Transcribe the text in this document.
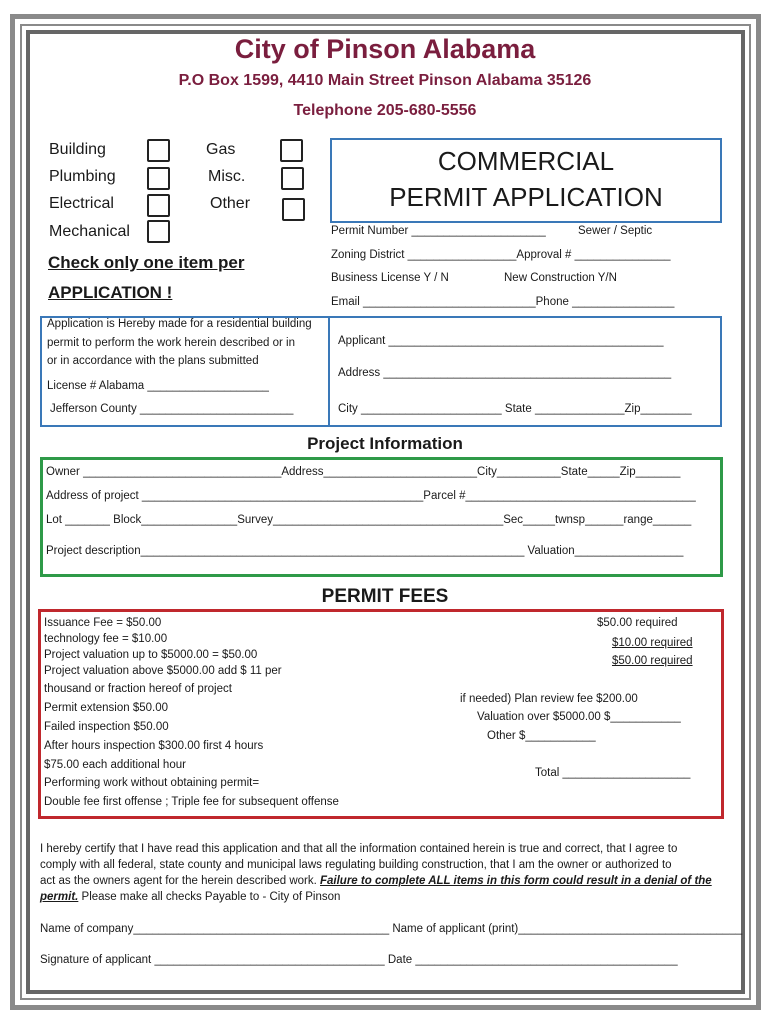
City of Pinson Alabama
P.O Box 1599, 4410 Main Street Pinson Alabama 35126
Telephone 205-680-5556
Building
Plumbing
Electrical
Mechanical
Gas
Misc.
Other
Check only one item per
APPLICATION !
COMMERCIAL
PERMIT APPLICATION
Permit Number _____________________	Sewer / Septic
Zoning District _________________Approval # _______________
Business License Y / N	New Construction Y/N
Email ___________________________Phone ________________
Application is Hereby made for a residential building
permit to perform the work herein described or in
or in accordance with the plans submitted
License # Alabama ___________________
Jefferson County ________________________
Applicant ___________________________________________
Address _____________________________________________
City ______________________ State ______________Zip________
Project Information
Owner _______________________________Address________________________City__________State_____Zip_______
Address of project ____________________________________________Parcel #____________________________________
Lot _______ Block_______________Survey____________________________________Sec_____twnsp______range______
Project description____________________________________________________________ Valuation_________________
PERMIT FEES
Issuance Fee = $50.00
technology fee = $10.00
Project valuation up to $5000.00 = $50.00
Project valuation above $5000.00 add $ 11 per
thousand or fraction hereof of project
Permit extension $50.00
Failed inspection $50.00
After hours inspection $300.00 first 4 hours
$75.00 each additional hour
Performing work without obtaining permit=
Double fee first offense ; Triple fee for subsequent offense
$50.00 required
$10.00 required
$50.00 required
if needed) Plan review fee $200.00
Valuation over $5000.00 $___________
Other $___________
Total ____________________
I hereby certify that I have read this application and that all the information contained herein is true and correct, that I agree to
comply with all federal, state county and municipal laws regulating building construction, that I am the owner or authorized to
act as the owners agent for the herein described work. Failure to complete ALL items in this form could result in a denial of the
permit. Please make all checks Payable to - City of Pinson
Name of company________________________________________ Name of applicant (print)___________________________________
Signature of applicant ____________________________________ Date _________________________________________
